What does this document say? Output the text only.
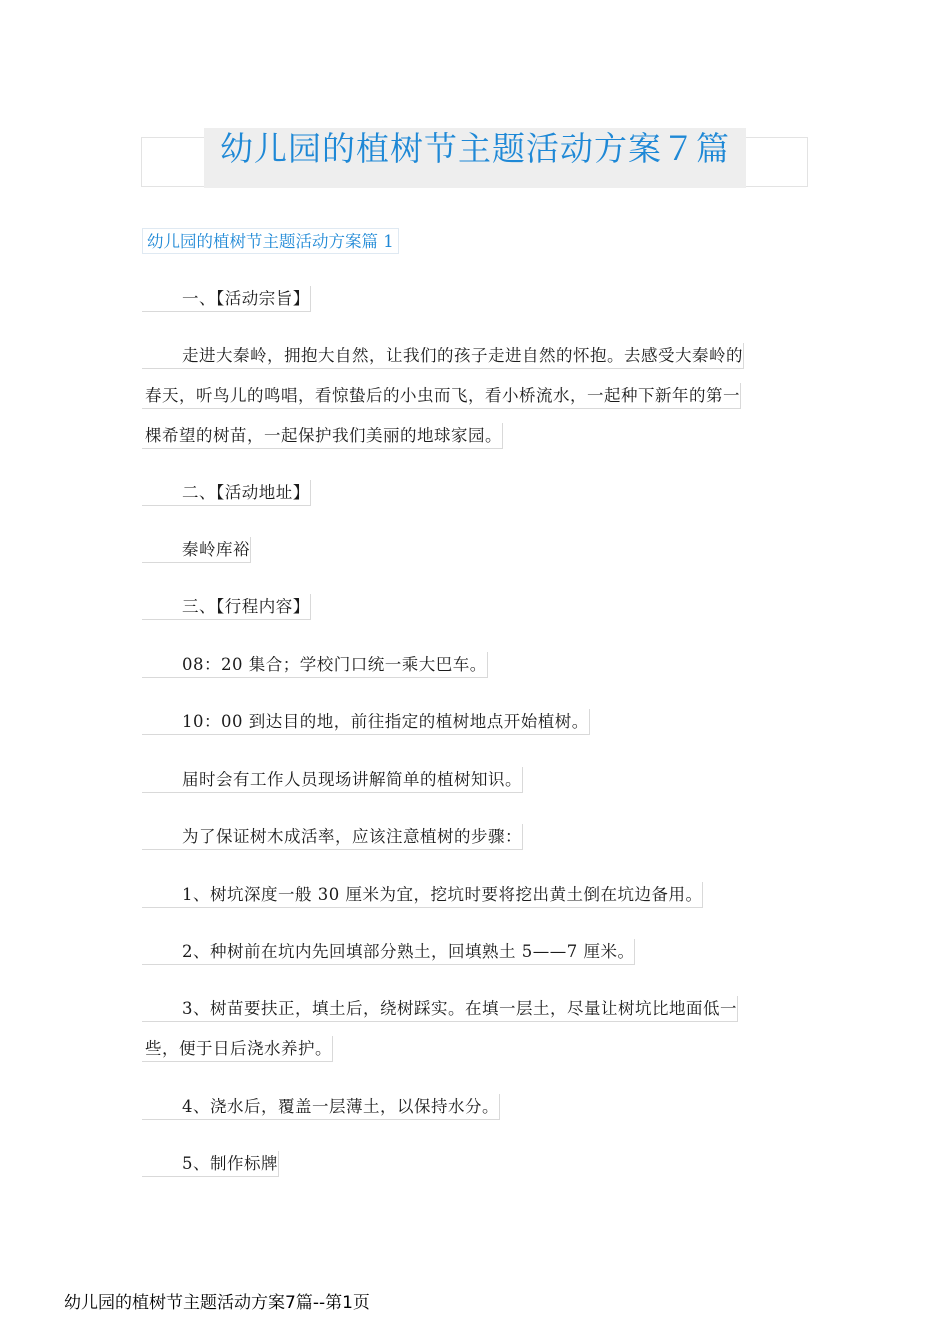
幼儿园的植树节主题活动方案７篇
幼儿园的植树节主题活动方案篇 1
一、【活动宗旨】
走进大秦岭，拥抱大自然，让我们的孩子走进自然的怀抱。去感受大秦岭的
春天，听鸟儿的鸣唱，看惊蛰后的小虫而飞，看小桥流水，一起种下新年的第一
棵希望的树苗，一起保护我们美丽的地球家园。
二、【活动地址】
秦岭库裕
三、【行程内容】
08：20 集合；学校门口统一乘大巴车。
10：00 到达目的地，前往指定的植树地点开始植树。
届时会有工作人员现场讲解简单的植树知识。
为了保证树木成活率，应该注意植树的步骤：
1、树坑深度一般 30 厘米为宜，挖坑时要将挖出黄土倒在坑边备用。
2、种树前在坑内先回填部分熟土，回填熟土 5——7 厘米。
3、树苗要扶正，填土后，绕树踩实。在填一层土，尽量让树坑比地面低一
些，便于日后浇水养护。
4、浇水后，覆盖一层薄土，以保持水分。
5、制作标牌
幼儿园的植树节主题活动方案7篇--第1页
